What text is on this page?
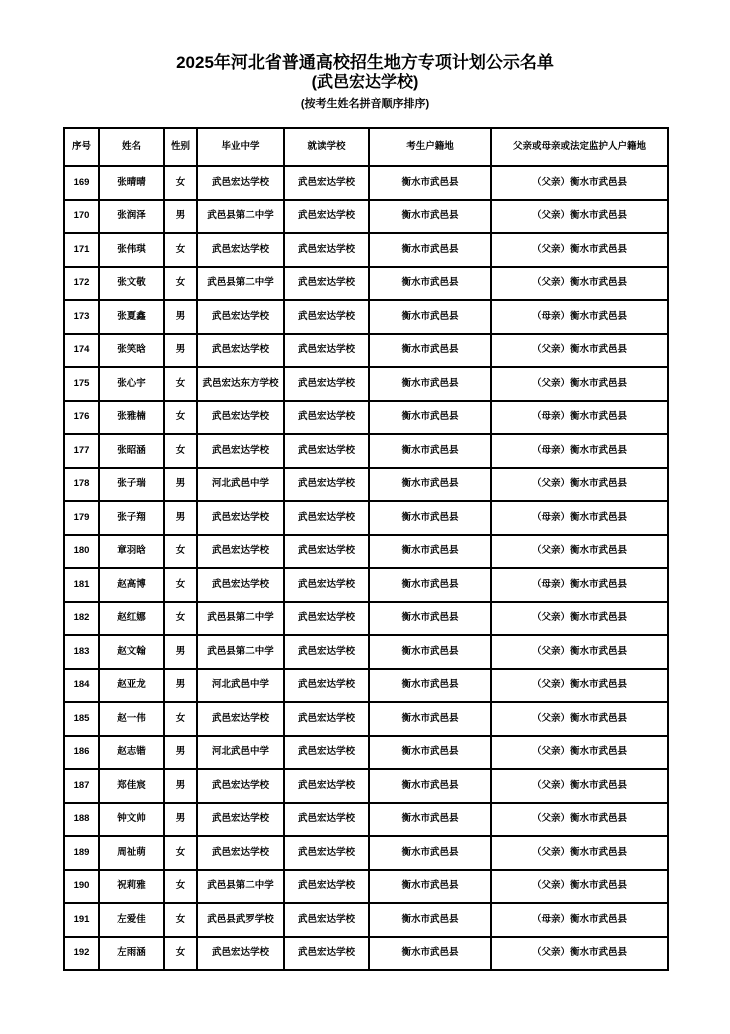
2025年河北省普通高校招生地方专项计划公示名单
(武邑宏达学校)
(按考生姓名拼音顺序排序)
序号	姓名	性别	毕业中学	就读学校	考生户籍地	父亲或母亲或法定监护人户籍地
169	张晴晴	女	武邑宏达学校	武邑宏达学校	衡水市武邑县	（父亲）衡水市武邑县
170	张润泽	男	武邑县第二中学	武邑宏达学校	衡水市武邑县	（父亲）衡水市武邑县
171	张伟琪	女	武邑宏达学校	武邑宏达学校	衡水市武邑县	（父亲）衡水市武邑县
172	张文敬	女	武邑县第二中学	武邑宏达学校	衡水市武邑县	（父亲）衡水市武邑县
173	张夏鑫	男	武邑宏达学校	武邑宏达学校	衡水市武邑县	（母亲）衡水市武邑县
174	张笑晗	男	武邑宏达学校	武邑宏达学校	衡水市武邑县	（父亲）衡水市武邑县
175	张心宇	女	武邑宏达东方学校	武邑宏达学校	衡水市武邑县	（父亲）衡水市武邑县
176	张雅楠	女	武邑宏达学校	武邑宏达学校	衡水市武邑县	（母亲）衡水市武邑县
177	张昭涵	女	武邑宏达学校	武邑宏达学校	衡水市武邑县	（母亲）衡水市武邑县
178	张子瑞	男	河北武邑中学	武邑宏达学校	衡水市武邑县	（父亲）衡水市武邑县
179	张子翔	男	武邑宏达学校	武邑宏达学校	衡水市武邑县	（母亲）衡水市武邑县
180	章羽晗	女	武邑宏达学校	武邑宏达学校	衡水市武邑县	（父亲）衡水市武邑县
181	赵高博	女	武邑宏达学校	武邑宏达学校	衡水市武邑县	（母亲）衡水市武邑县
182	赵红娜	女	武邑县第二中学	武邑宏达学校	衡水市武邑县	（父亲）衡水市武邑县
183	赵文翰	男	武邑县第二中学	武邑宏达学校	衡水市武邑县	（父亲）衡水市武邑县
184	赵亚龙	男	河北武邑中学	武邑宏达学校	衡水市武邑县	（父亲）衡水市武邑县
185	赵一伟	女	武邑宏达学校	武邑宏达学校	衡水市武邑县	（父亲）衡水市武邑县
186	赵志锴	男	河北武邑中学	武邑宏达学校	衡水市武邑县	（父亲）衡水市武邑县
187	郑佳宸	男	武邑宏达学校	武邑宏达学校	衡水市武邑县	（父亲）衡水市武邑县
188	钟文帅	男	武邑宏达学校	武邑宏达学校	衡水市武邑县	（父亲）衡水市武邑县
189	周祉萌	女	武邑宏达学校	武邑宏达学校	衡水市武邑县	（父亲）衡水市武邑县
190	祝莉雅	女	武邑县第二中学	武邑宏达学校	衡水市武邑县	（父亲）衡水市武邑县
191	左爱佳	女	武邑县武罗学校	武邑宏达学校	衡水市武邑县	（母亲）衡水市武邑县
192	左雨涵	女	武邑宏达学校	武邑宏达学校	衡水市武邑县	（父亲）衡水市武邑县
